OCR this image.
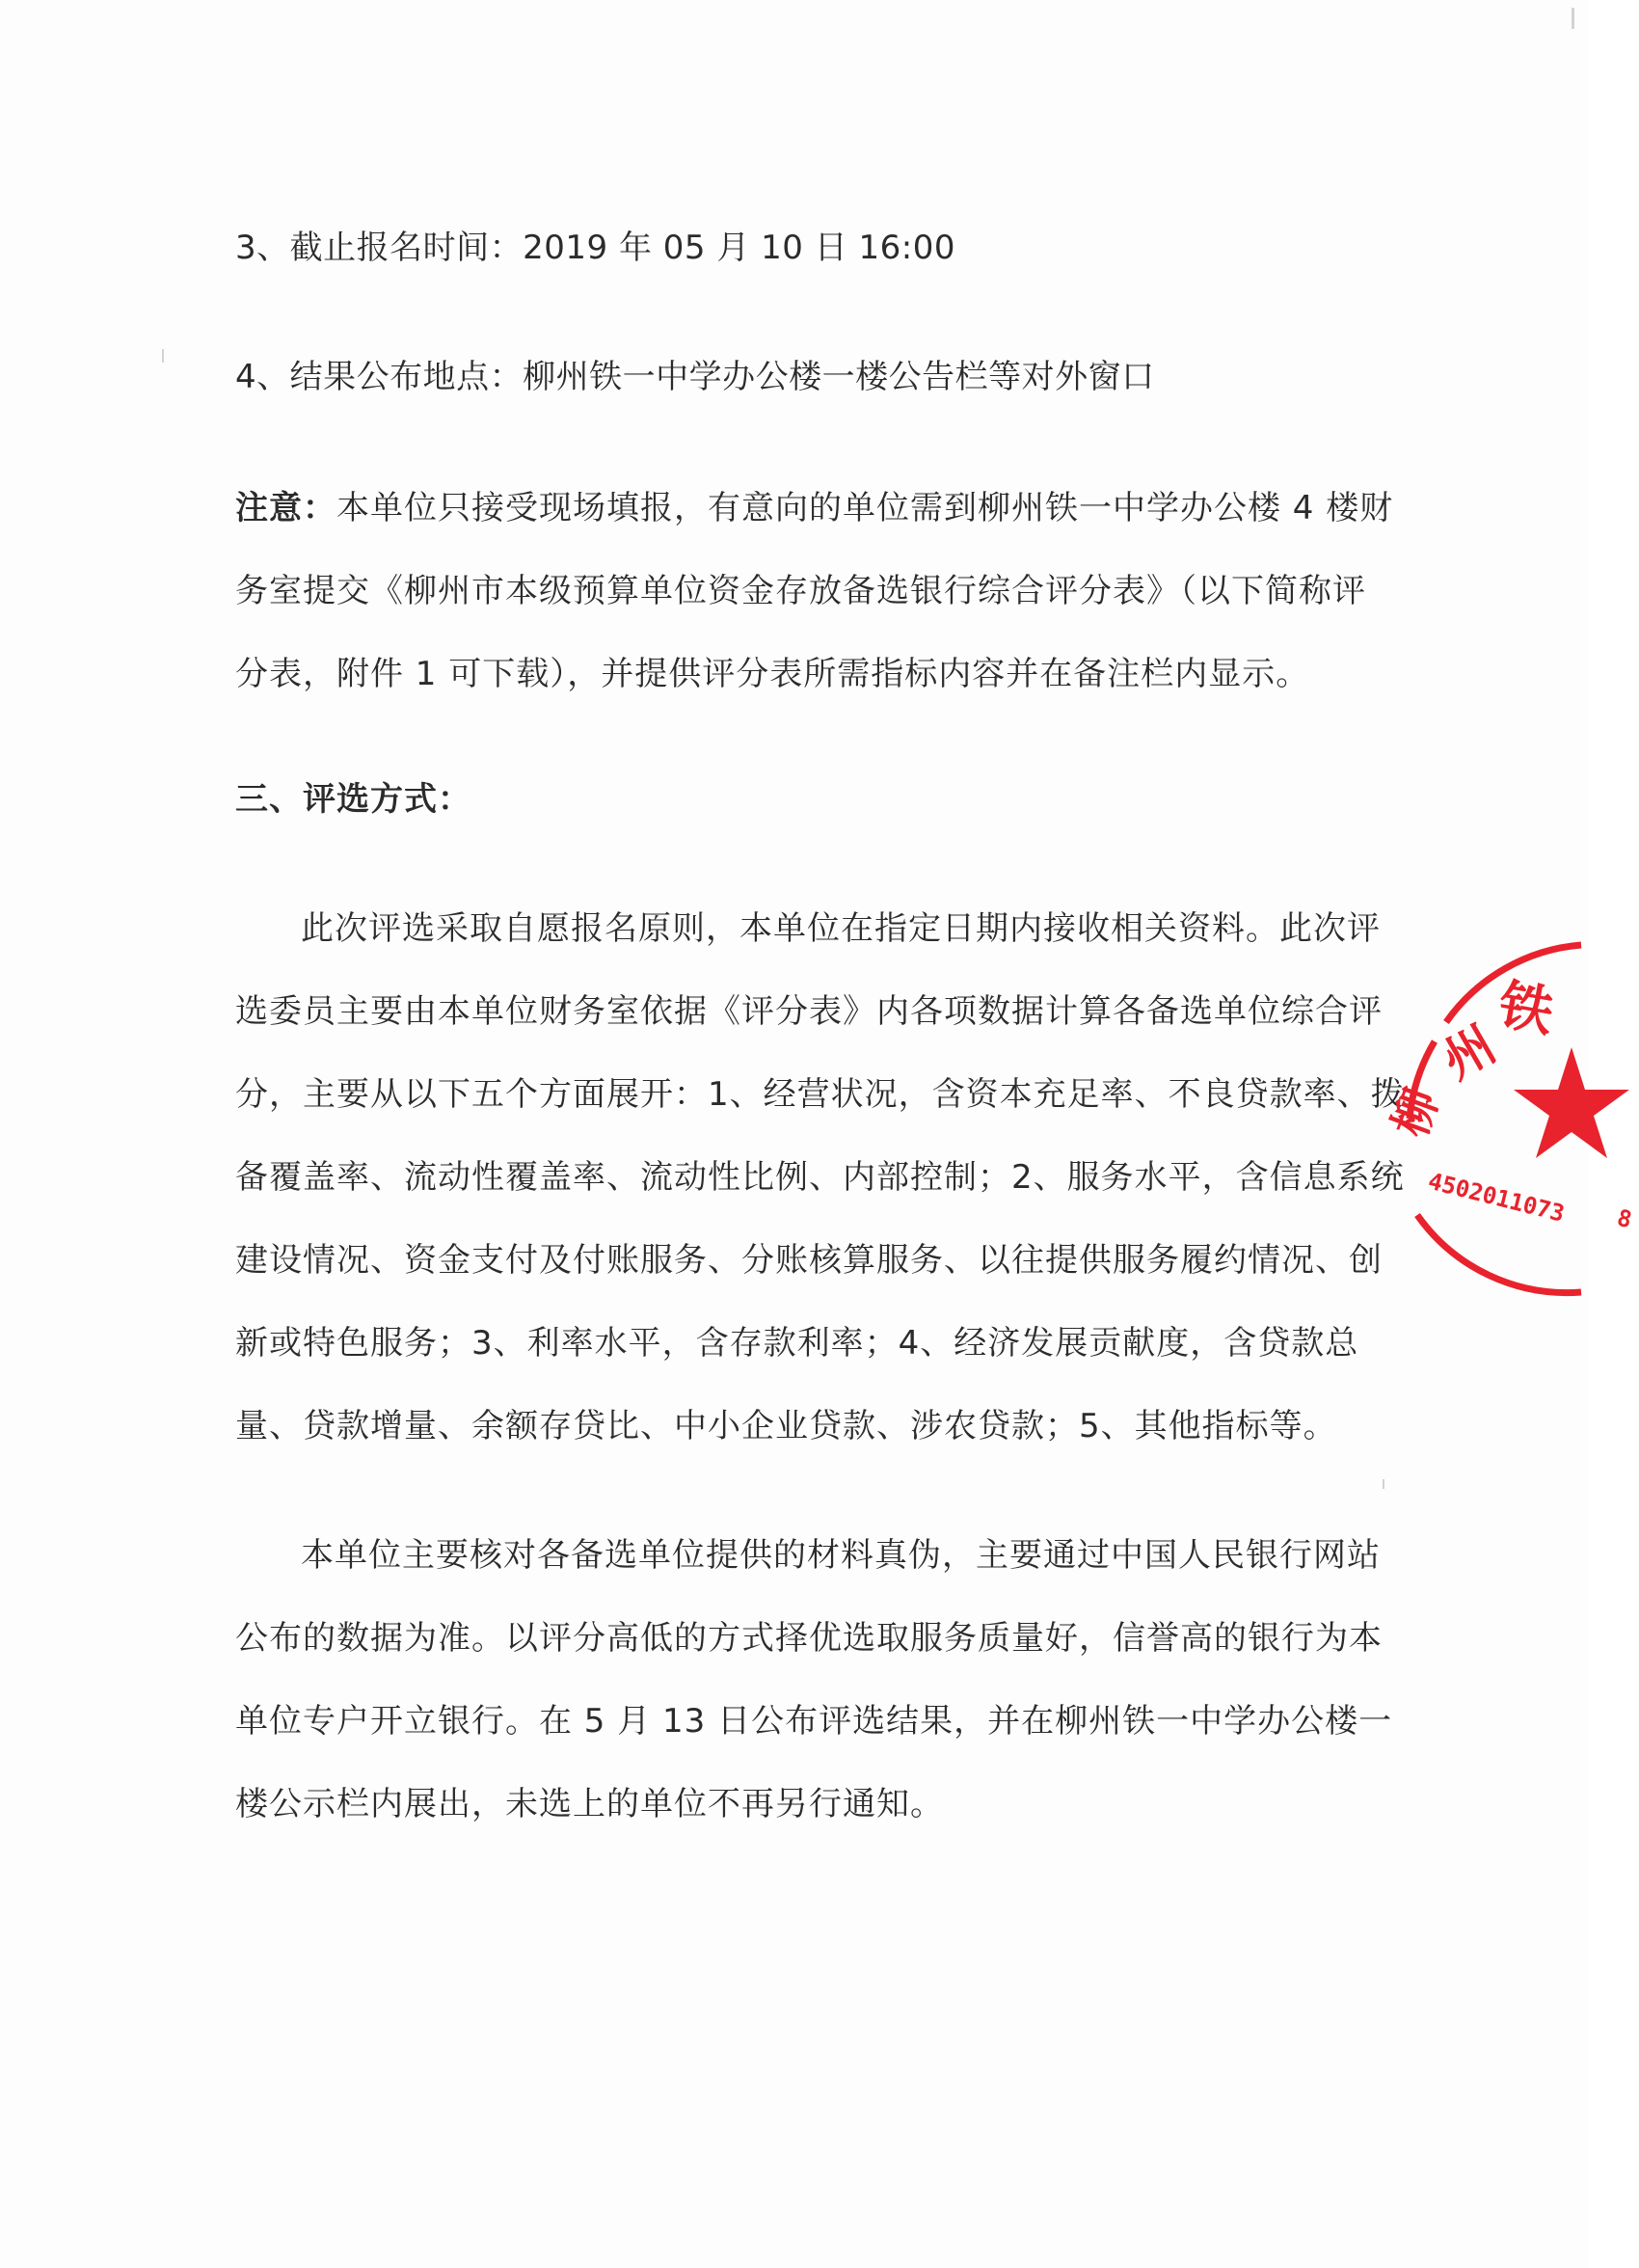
3、截止报名时间：2019 年 05 月 10 日 16:00
4、结果公布地点：柳州铁一中学办公楼一楼公告栏等对外窗口
注意：本单位只接受现场填报，有意向的单位需到柳州铁一中学办公楼 4 楼财
务室提交《柳州市本级预算单位资金存放备选银行综合评分表》（以下简称评
分表，附件 1 可下载），并提供评分表所需指标内容并在备注栏内显示。
三、评选方式：
此次评选采取自愿报名原则，本单位在指定日期内接收相关资料。此次评
选委员主要由本单位财务室依据《评分表》内各项数据计算各备选单位综合评
分，主要从以下五个方面展开：1、经营状况，含资本充足率、不良贷款率、拨
备覆盖率、流动性覆盖率、流动性比例、内部控制；2、服务水平，含信息系统
建设情况、资金支付及付账服务、分账核算服务、以往提供服务履约情况、创
新或特色服务；3、利率水平，含存款利率；4、经济发展贡献度，含贷款总
量、贷款增量、余额存贷比、中小企业贷款、涉农贷款；5、其他指标等。
本单位主要核对各备选单位提供的材料真伪，主要通过中国人民银行网站
公布的数据为准。以评分高低的方式择优选取服务质量好，信誉高的银行为本
单位专户开立银行。在 5 月 13 日公布评选结果，并在柳州铁一中学办公楼一
楼公示栏内展出，未选上的单位不再另行通知。
铁
州
柳
4502011073 8
